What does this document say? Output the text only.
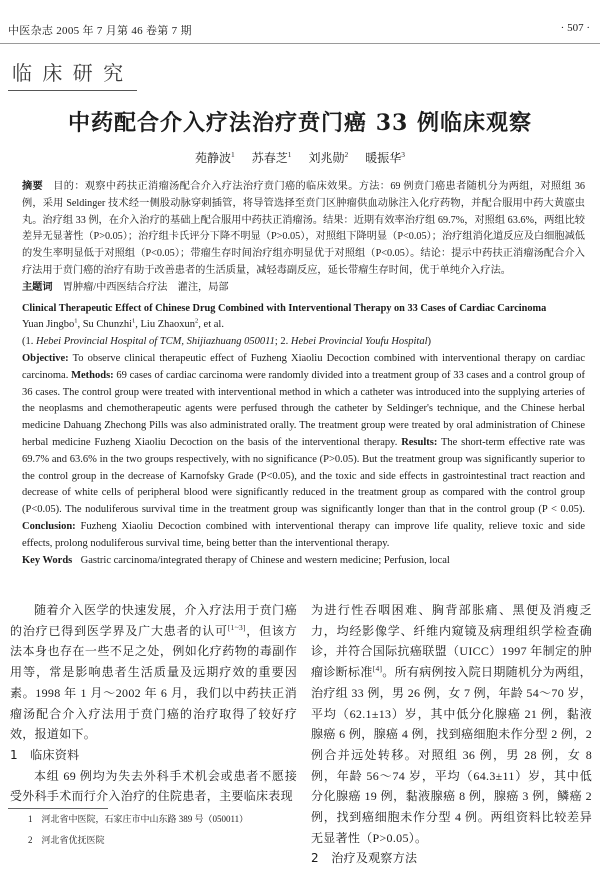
中医杂志 2005 年 7 月第 46 卷第 7 期	· 507 ·
临 床 研 究
中药配合介入疗法治疗贲门癌 33 例临床观察
苑静波$^1$ 苏春芝$^1$ 刘兆勋$^2$ 暖振华$^3$

摘要 目的：观察中药扶正消瘤汤配合介入疗法治疗贲门癌的临床效果。方法：69 例贲门癌患者随机分为两组，对照组 36 例，采用 Seldinger 技术经一侧股动脉穿刺插管，将导管选择至贲门区肿瘤供血动脉注入化疗药物，并配合服用中药大黄䗪虫丸。治疗组 33 例，在介入治疗的基础上配合服用中药扶正消瘤汤。结果：近期有效率治疗组 69.7%，对照组 63.6%，两组比较差异无显著性（P>0.05）；治疗组卡氏评分下降不明显（P>0.05），对照组下降明显（P<0.05）；治疗组消化道反应及白细胞减低的发生率明显低于对照组（P<0.05）；带瘤生存时间治疗组亦明显优于对照组（P<0.05）。结论：提示中药扶正消瘤汤配合介入疗法用于贲门癌的治疗有助于改善患者的生活质量，减轻毒副反应，延长带瘤生存时间，优于单纯介入疗法。

主题词 胃肿瘤/中西医结合疗法　灌注，局部

Clinical Therapeutic Effect of Chinese Drug Combined with Interventional Therapy on 33 Cases of Cardiac Carcinoma

Yuan Jingbo$^1$, Su Chunzhi$^1$, Liu Zhaoxun$^2$, et al.

(1. Hebei Provincial Hospital of TCM, Shijiazhuang 050011; 2. Hebei Provincial Youfu Hospital)

Objective: To observe clinical therapeutic effect of Fuzheng Xiaoliu Decoction combined with interventional therapy on cardiac carcinoma. Methods: 69 cases of cardiac carcinoma were randomly divided into a treatment group of 33 cases and a control group of 36 cases. The control group were treated with interventional method in which a catheter was introduced into the supplying arteries of the neoplasms and chemotherapeutic agents were perfused through the catheter by Seldinger's technique, and the Chinese herbal medicine Dahuang Zhechong Pills was also administrated orally. The treatment group were treated by oral administration of Chinese herbal medicine Fuzheng Xiaoliu Decoction on the basis of the interventional therapy. Results: The short-term effective rate was 69.7% and 63.6% in the two groups respectively, with no significance (P>0.05). But the treatment group was significantly superior to the control group in the decrease of Karnofsky Grade (P<0.05), and the toxic and side effects in gastrointestinal tract reaction and decrease of white cells of peripheral blood were significantly reduced in the treatment group as compared with the control group (P<0.05). The noduliferous survival time in the treatment group was significantly longer than that in the control group (P < 0.05). Conclusion: Fuzheng Xiaoliu Decoction combined with interventional therapy can improve life quality, relieve toxic and side effects, prolong noduliferous survival time, being better than the interventional therapy.

Key Words Gastric carcinoma/integrated therapy of Chinese and western medicine; Perfusion, local

随着介入医学的快速发展，介入疗法用于贲门癌的治疗已得到医学界及广大患者的认可[1~3]，但该方法本身也存在一些不足之处，例如化疗药物的毒副作用等，常是影响患者生活质量及远期疗效的重要因素。1998 年 1 月～2002 年 6 月，我们以中药扶正消瘤汤配合介入疗法用于贲门癌的治疗取得了较好疗效，报道如下。

1　临床资料

本组 69 例均为失去外科手术机会或患者不愿接受外科手术而行介入治疗的住院患者，主要临床表现

为进行性吞咽困难、胸背部胀痛、黑便及消瘦乏力，均经影像学、纤维内窥镜及病理组织学检查确诊，并符合国际抗癌联盟（UICC）1997 年制定的肿瘤诊断标准[4]。所有病例按入院日期随机分为两组，治疗组 33 例，男 26 例，女 7 例，年龄 54～70 岁，平均（62.1±13）岁，其中低分化腺癌 21 例，黏液腺癌 6 例，腺癌 4 例，找到癌细胞未作分型 2 例，2 例合并远处转移。对照组 36 例，男 28 例，女 8 例，年龄 56～74 岁，平均（64.3±11）岁，其中低分化腺癌 19 例，黏液腺癌 8 例，腺癌 3 例，鳞癌 2 例，找到癌细胞未作分型 4 例。两组资料比较差异无显著性（P>0.05）。

2　治疗及观察方法

1　河北省中医院，石家庄市中山东路 389 号（050011）
2　河北省优抚医院
